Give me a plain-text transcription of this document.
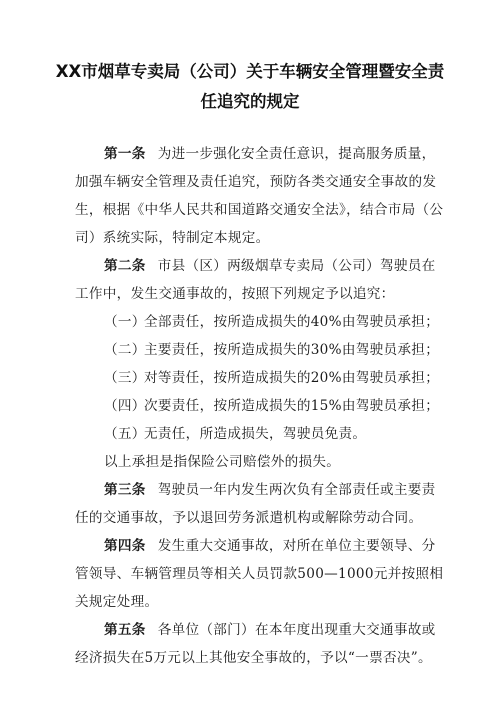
XX市烟草专卖局（公司）关于车辆安全管理暨安全责
任追究的规定
第一条 为进一步强化安全责任意识，提高服务质量，
加强车辆安全管理及责任追究，预防各类交通安全事故的发
生，根据《中华人民共和国道路交通安全法》，结合市局（公
司）系统实际，特制定本规定。
第二条 市县（区）两级烟草专卖局（公司）驾驶员在
工作中，发生交通事故的，按照下列规定予以追究：
（一）全部责任，按所造成损失的40%由驾驶员承担；
（二）主要责任，按所造成损失的30%由驾驶员承担；
（三）对等责任，按所造成损失的20%由驾驶员承担；
（四）次要责任，按所造成损失的15%由驾驶员承担；
（五）无责任，所造成损失，驾驶员免责。
以上承担是指保险公司赔偿外的损失。
第三条 驾驶员一年内发生两次负有全部责任或主要责
任的交通事故，予以退回劳务派遣机构或解除劳动合同。
第四条 发生重大交通事故，对所在单位主要领导、分
管领导、车辆管理员等相关人员罚款500—1000元并按照相
关规定处理。
第五条 各单位（部门）在本年度出现重大交通事故或
经济损失在5万元以上其他安全事故的，予以“一票否决”。
